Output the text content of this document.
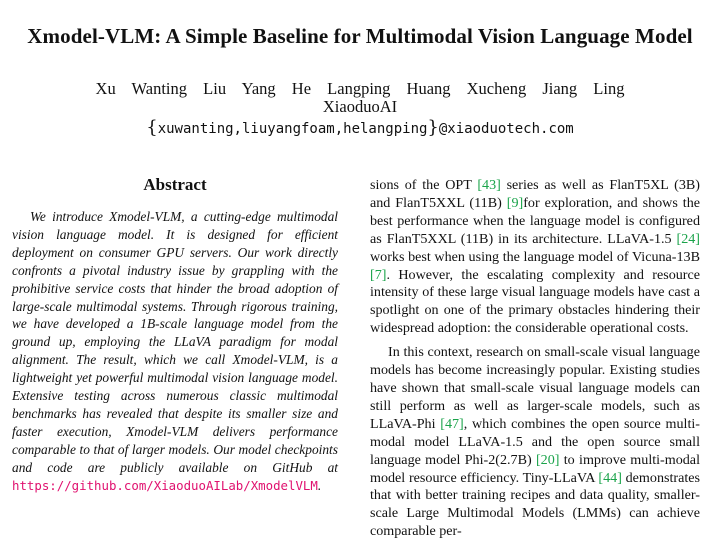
Xmodel-VLM: A Simple Baseline for Multimodal Vision Language Model
Xu Wanting Liu Yang He Langping Huang Xucheng Jiang Ling
XiaoduoAI
{xuwanting,liuyangfoam,helangping}@xiaoduotech.com
Abstract
We introduce Xmodel-VLM, a cutting-edge multimodal vision language model. It is designed for efficient deployment on consumer GPU servers. Our work directly confronts a pivotal industry issue by grappling with the prohibitive service costs that hinder the broad adoption of large-scale multimodal systems. Through rigorous training, we have developed a 1B-scale language model from the ground up, employing the LLaVA paradigm for modal alignment. The result, which we call Xmodel-VLM, is a lightweight yet powerful multimodal vision language model. Extensive testing across numerous classic multimodal benchmarks has revealed that despite its smaller size and faster execution, Xmodel-VLM delivers performance comparable to that of larger models. Our model checkpoints and code are publicly available on GitHub at https://github.com/XiaoduoAILab/XmodelVLM.

sions of the OPT [43] series as well as FlanT5XL (3B) and FlanT5XXL (11B) [9]for exploration, and shows the best performance when the language model is configured as FlanT5XXL (11B) in its architecture. LLaVA-1.5 [24] works best when using the language model of Vicuna-13B [7]. However, the escalating complexity and resource intensity of these large visual language models have cast a spotlight on one of the primary obstacles hindering their widespread adoption: the considerable operational costs.

In this context, research on small-scale visual language models has become increasingly popular. Existing studies have shown that small-scale visual language models can still perform as well as larger-scale models, such as LLaVA-Phi [47], which combines the open source multi-modal model LLaVA-1.5 and the open source small language model Phi-2(2.7B) [20] to improve multi-modal model resource efficiency. Tiny-LLaVA [44] demonstrates that with better training recipes and data quality, smaller-scale Large Multimodal Models (LMMs) can achieve comparable per-
